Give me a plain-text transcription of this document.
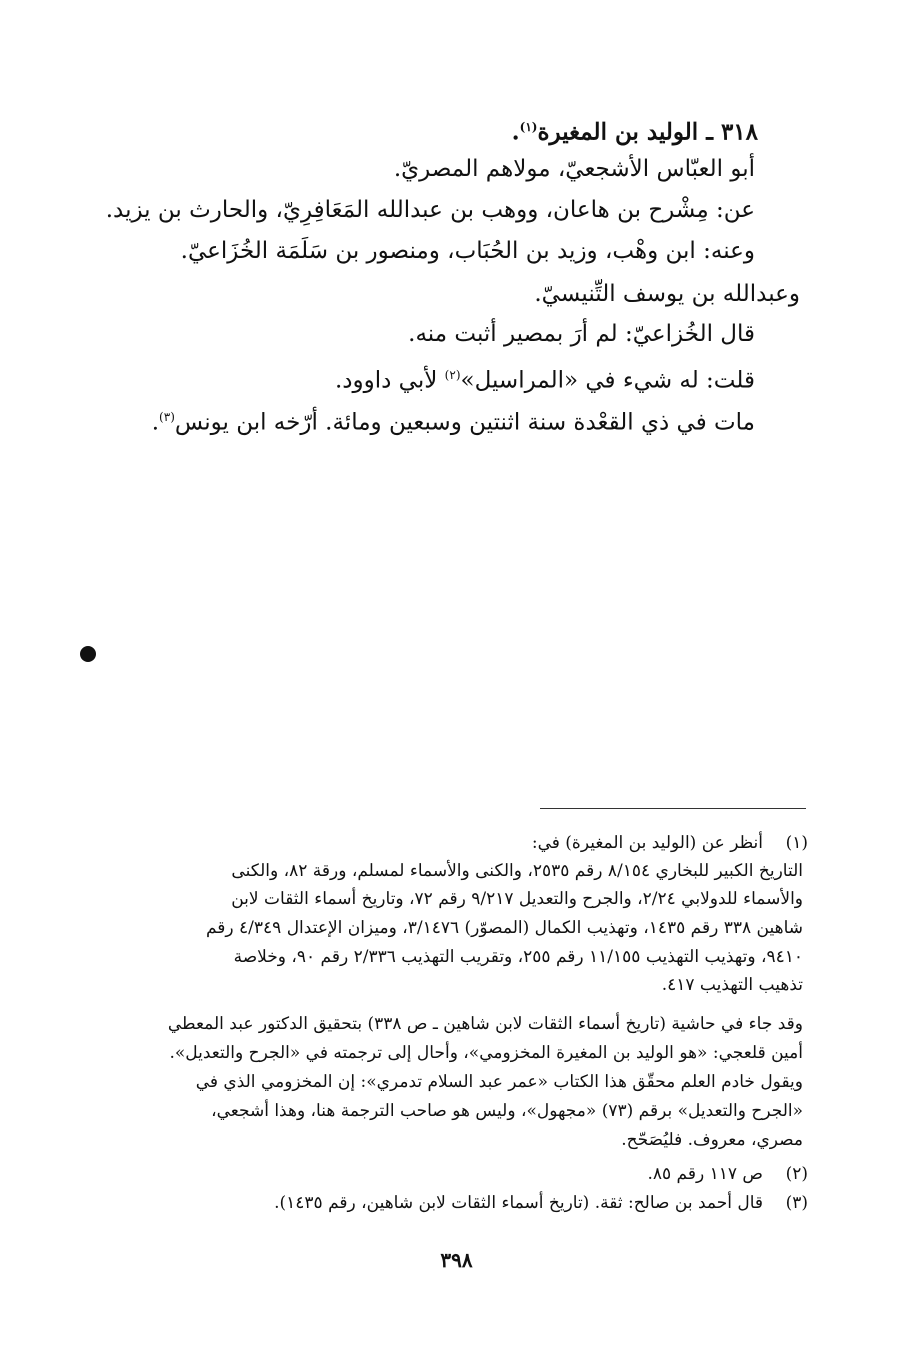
٣١٨ ـ الوليد بن المغيرة$^{(١)}$.
أبو العبّاس الأشجعيّ، مولاهم المصريّ.
عن: مِشْرح بن هاعان، ووهب بن عبدالله المَعَافِرِيّ، والحارث بن يزيد.
وعنه: ابن وهْب، وزيد بن الحُبَاب، ومنصور بن سَلَمَة الخُزَاعيّ.
وعبدالله بن يوسف التِّنيسيّ.
قال الخُزاعيّ: لم أرَ بمصير أثبت منه.
قلت: له شيء في «المراسيل»$^{(٢)}$ لأبي داوود.
مات في ذي القعْدة سنة اثنتين وسبعين ومائة. أرّخه ابن يونس$^{(٣)}$.
(١)
أنظر عن (الوليد بن المغيرة) في:
التاريخ الكبير للبخاري ٨/١٥٤ رقم ٢٥٣٥، والكنى والأسماء لمسلم، ورقة ٨٢، والكنى
والأسماء للدولابي ٢/٢٤، والجرح والتعديل ٩/٢١٧ رقم ٧٢، وتاريخ أسماء الثقات لابن
شاهين ٣٣٨ رقم ١٤٣٥، وتهذيب الكمال (المصوّر) ٣/١٤٧٦، وميزان الإعتدال ٤/٣٤٩ رقم
٩٤١٠، وتهذيب التهذيب ١١/١٥٥ رقم ٢٥٥، وتقريب التهذيب ٢/٣٣٦ رقم ٩٠، وخلاصة
تذهيب التهذيب ٤١٧.
وقد جاء في حاشية (تاريخ أسماء الثقات لابن شاهين ـ ص ٣٣٨) بتحقيق الدكتور عبد المعطي
أمين قلعجي: «هو الوليد بن المغيرة المخزومي»، وأحال إلى ترجمته في «الجرح والتعديل».
ويقول خادم العلم محقّق هذا الكتاب «عمر عبد السلام تدمري»: إن المخزومي الذي في
«الجرح والتعديل» برقم (٧٣) «مجهول»، وليس هو صاحب الترجمة هنا، وهذا أشجعي،
مصري، معروف. فليُصَحّح.
(٢)
ص ١١٧ رقم ٨٥.
(٣)
قال أحمد بن صالح: ثقة. (تاريخ أسماء الثقات لابن شاهين، رقم ١٤٣٥).
٣٩٨
